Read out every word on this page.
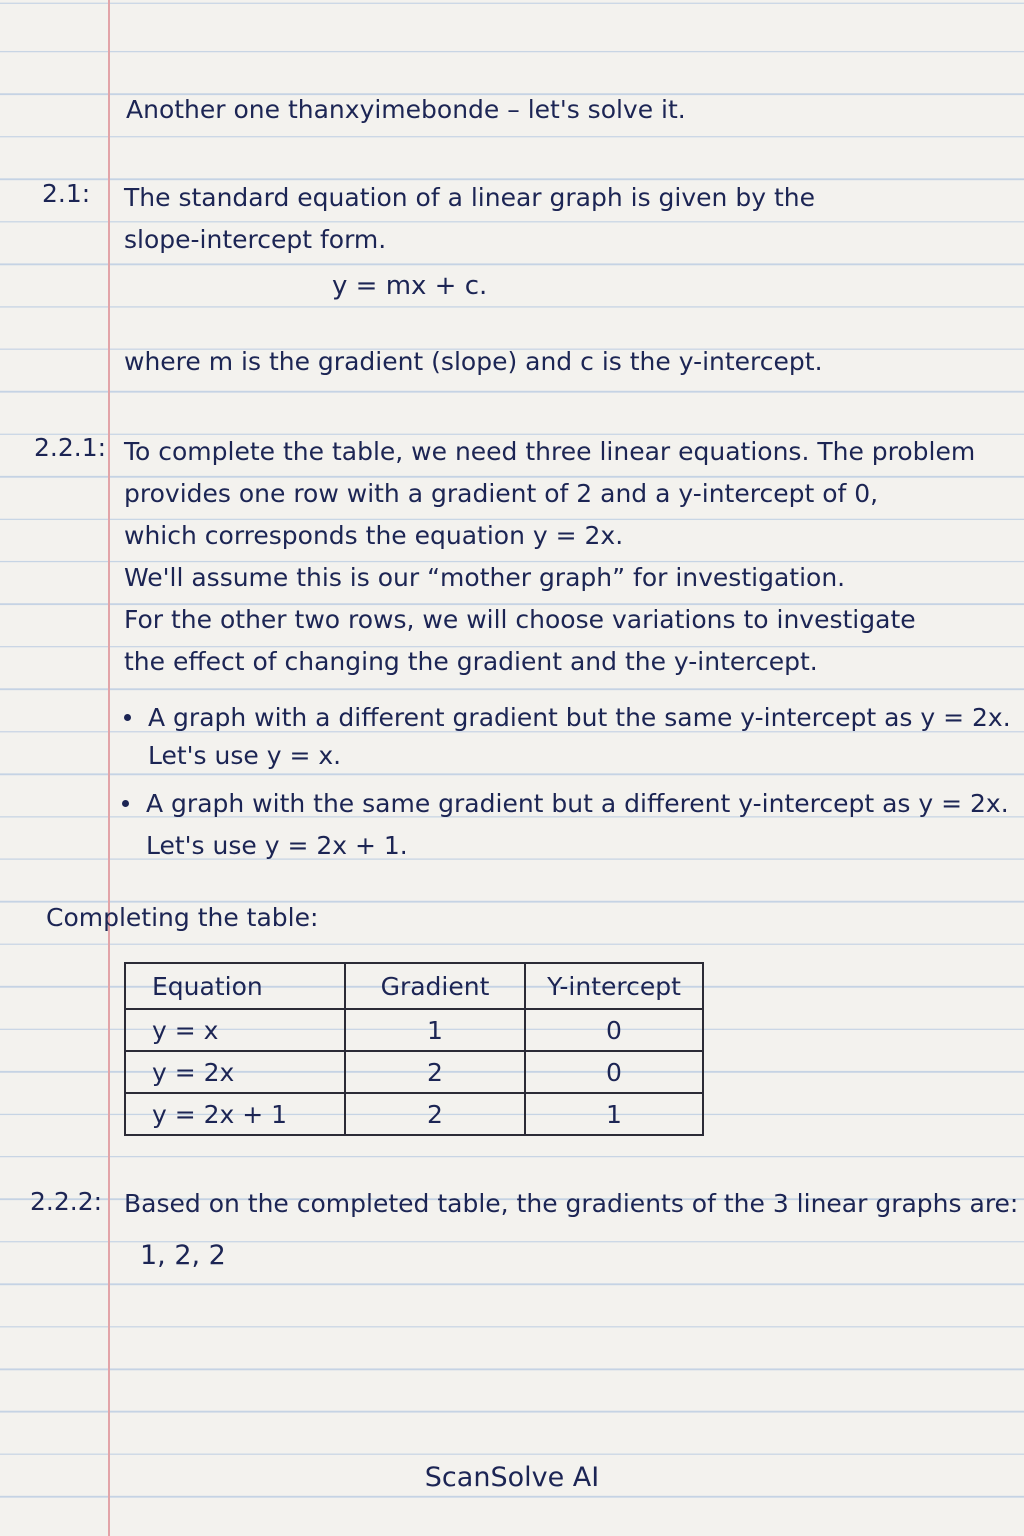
Another one thanxyimebonde – let's solve it.
2.1: The standard equation of a linear graph is given by the
slope-intercept form.
y = mx + c.
where m is the gradient (slope) and c is the y-intercept.
2.2.1: To complete the table, we need three linear equations. The problem
provides one row with a gradient of 2 and a y-intercept of 0,
which corresponds the equation y = 2x.
We'll assume this is our “mother graph” for investigation.
For the other two rows, we will choose variations to investigate
the effect of changing the gradient and the y-intercept.
A graph with a different gradient but the same y-intercept as y = 2x.
Let's use y = x.
A graph with the same gradient but a different y-intercept as y = 2x.
Let's use y = 2x + 1.
Completing the table:
Equation	Gradient	Y-intercept
y = x	1	0
y = 2x	2	0
y = 2x + 1	2	1
2.2.2: Based on the completed table, the gradients of the 3 linear graphs are:
1, 2, 2
ScanSolve AI
